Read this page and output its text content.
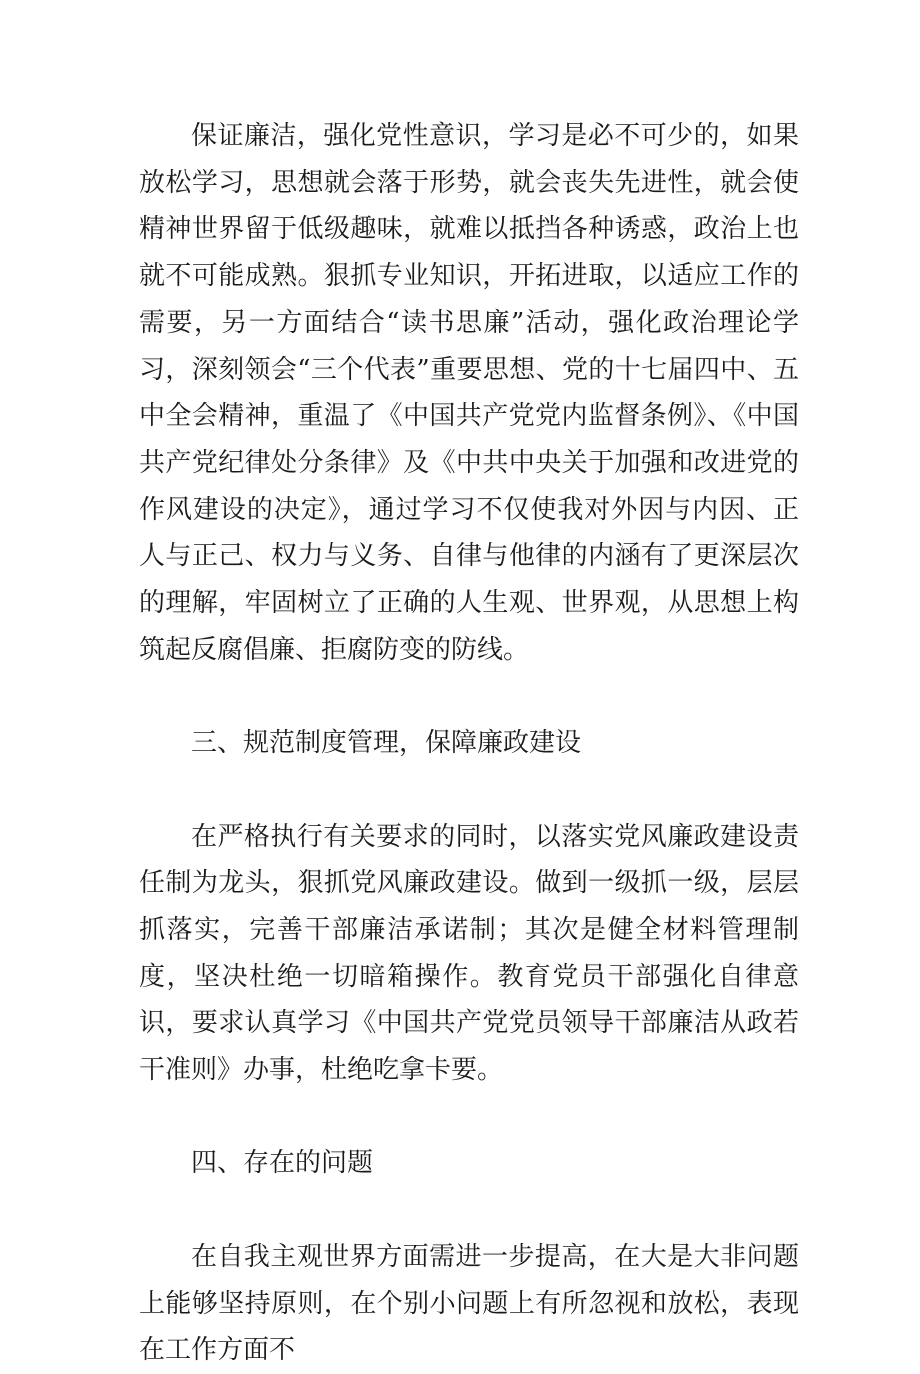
保证廉洁，强化党性意识，学习是必不可少的，如果放松学习，思想就会落于形势，就会丧失先进性，就会使精神世界留于低级趣味，就难以抵挡各种诱惑，政治上也就不可能成熟。狠抓专业知识，开拓进取，以适应工作的需要，另一方面结合“读书思廉”活动，强化政治理论学习，深刻领会“三个代表”重要思想、党的十七届四中、五中全会精神，重温了《中国共产党党内监督条例》、《中国共产党纪律处分条律》及《中共中央关于加强和改进党的作风建设的决定》，通过学习不仅使我对外因与内因、正人与正己、权力与义务、自律与他律的内涵有了更深层次的理解，牢固树立了正确的人生观、世界观，从思想上构筑起反腐倡廉、拒腐防变的防线。

三、规范制度管理，保障廉政建设

在严格执行有关要求的同时，以落实党风廉政建设责任制为龙头，狠抓党风廉政建设。做到一级抓一级，层层抓落实，完善干部廉洁承诺制；其次是健全材料管理制度，坚决杜绝一切暗箱操作。教育党员干部强化自律意识，要求认真学习《中国共产党党员领导干部廉洁从政若干准则》办事，杜绝吃拿卡要。

四、存在的问题

在自我主观世界方面需进一步提高，在大是大非问题上能够坚持原则，在个别小问题上有所忽视和放松，表现在工作方面不
